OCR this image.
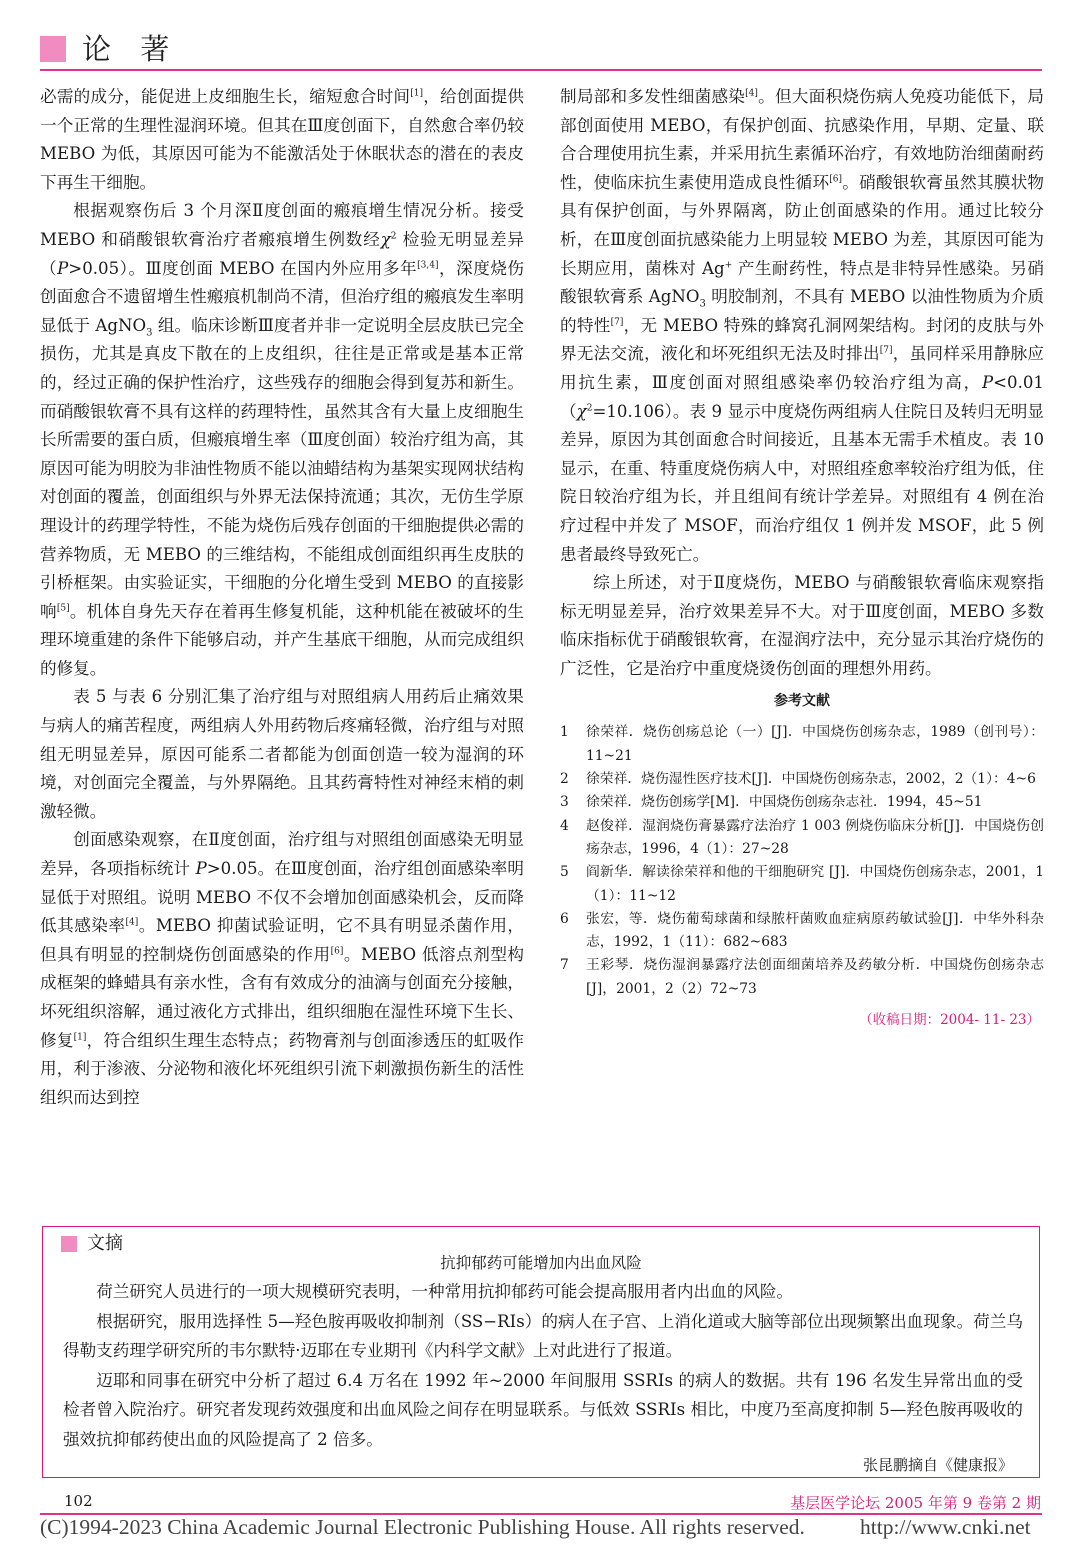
论 著

必需的成分，能促进上皮细胞生长，缩短愈合时间[1]，给创面提供一个正常的生理性湿润环境。但其在Ⅲ度创面下，自然愈合率仍较 MEBO 为低，其原因可能为不能激活处于休眠状态的潜在的表皮下再生干细胞。

根据观察伤后 3 个月深Ⅱ度创面的瘢痕增生情况分析。接受 MEBO 和硝酸银软膏治疗者瘢痕增生例数经$\chi^2$ 检验无明显差异（P>0.05）。Ⅲ度创面 MEBO 在国内外应用多年[3,4]，深度烧伤创面愈合不遗留增生性瘢痕机制尚不清，但治疗组的瘢痕发生率明显低于 AgNO$_3$ 组。临床诊断Ⅲ度者并非一定说明全层皮肤已完全损伤，尤其是真皮下散在的上皮组织，往往是正常或是基本正常的，经过正确的保护性治疗，这些残存的细胞会得到复苏和新生。而硝酸银软膏不具有这样的药理特性，虽然其含有大量上皮细胞生长所需要的蛋白质，但瘢痕增生率（Ⅲ度创面）较治疗组为高，其原因可能为明胶为非油性物质不能以油蜡结构为基架实现网状结构对创面的覆盖，创面组织与外界无法保持流通；其次，无仿生学原理设计的药理学特性，不能为烧伤后残存创面的干细胞提供必需的营养物质，无 MEBO 的三维结构，不能组成创面组织再生皮肤的引桥框架。由实验证实，干细胞的分化增生受到 MEBO 的直接影响[5]。机体自身先天存在着再生修复机能，这种机能在被破坏的生理环境重建的条件下能够启动，并产生基底干细胞，从而完成组织的修复。

表 5 与表 6 分别汇集了治疗组与对照组病人用药后止痛效果与病人的痛苦程度，两组病人外用药物后疼痛轻微，治疗组与对照组无明显差异，原因可能系二者都能为创面创造一较为湿润的环境，对创面完全覆盖，与外界隔绝。且其药膏特性对神经末梢的刺激轻微。

创面感染观察，在Ⅱ度创面，治疗组与对照组创面感染无明显差异，各项指标统计 P>0.05。在Ⅲ度创面，治疗组创面感染率明显低于对照组。说明 MEBO 不仅不会增加创面感染机会，反而降低其感染率[4]。MEBO 抑菌试验证明，它不具有明显杀菌作用，但具有明显的控制烧伤创面感染的作用[6]。MEBO 低溶点剂型构成框架的蜂蜡具有亲水性，含有有效成分的油滴与创面充分接触，坏死组织溶解，通过液化方式排出，组织细胞在湿性环境下生长、修复[1]，符合组织生理生态特点；药物膏剂与创面渗透压的虹吸作用，利于渗液、分泌物和液化坏死组织引流下刺激损伤新生的活性组织而达到控

制局部和多发性细菌感染[4]。但大面积烧伤病人免疫功能低下，局部创面使用 MEBO，有保护创面、抗感染作用，早期、定量、联合合理使用抗生素，并采用抗生素循环治疗，有效地防治细菌耐药性，使临床抗生素使用造成良性循环[6]。硝酸银软膏虽然其膜状物具有保护创面，与外界隔离，防止创面感染的作用。通过比较分析，在Ⅲ度创面抗感染能力上明显较 MEBO 为差，其原因可能为长期应用，菌株对 Ag+ 产生耐药性，特点是非特异性感染。另硝酸银软膏系 AgNO$_3$ 明胶制剂，不具有 MEBO 以油性物质为介质的特性[7]，无 MEBO 特殊的蜂窝孔洞网架结构。封闭的皮肤与外界无法交流，液化和坏死组织无法及时排出[7]，虽同样采用静脉应用抗生素，Ⅲ度创面对照组感染率仍较治疗组为高，$P<0.01(\chi^2=10.106)$。表 9 显示中度烧伤两组病人住院日及转归无明显差异，原因为其创面愈合时间接近，且基本无需手术植皮。表 10 显示，在重、特重度烧伤病人中，对照组痊愈率较治疗组为低，住院日较治疗组为长，并且组间有统计学差异。对照组有 4 例在治疗过程中并发了 MSOF，而治疗组仅 1 例并发 MSOF，此 5 例患者最终导致死亡。

综上所述，对于Ⅱ度烧伤，MEBO 与硝酸银软膏临床观察指标无明显差异，治疗效果差异不大。对于Ⅲ度创面，MEBO 多数临床指标优于硝酸银软膏，在湿润疗法中，充分显示其治疗烧伤的广泛性，它是治疗中重度烧烫伤创面的理想外用药。

参考文献
1	徐荣祥．烧伤创疡总论（一）[J]．中国烧伤创疡杂志，1989（创刊号）：11~21
2	徐荣祥．烧伤湿性医疗技术[J]．中国烧伤创疡杂志，2002，2（1）：4~6
3	徐荣祥．烧伤创疡学[M]．中国烧伤创疡杂志社．1994，45~51
4	赵俊祥．湿润烧伤膏暴露疗法治疗 1 003 例烧伤临床分析[J]．中国烧伤创疡杂志，1996，4（1）：27~28
5	阎新华．解读徐荣祥和他的干细胞研究 [J]．中国烧伤创疡杂志，2001，1（1）：11~12
6	张宏，等．烧伤葡萄球菌和绿脓杆菌败血症病原药敏试验[J]．中华外科杂志，1992，1（11）：682~683
7	王彩琴．烧伤湿润暴露疗法创面细菌培养及药敏分析．中国烧伤创疡杂志[J]，2001，2（2）72~73
（收稿日期：2004- 11- 23）
文摘
抗抑郁药可能增加内出血风险

荷兰研究人员进行的一项大规模研究表明，一种常用抗抑郁药可能会提高服用者内出血的风险。

根据研究，服用选择性 5—羟色胺再吸收抑制剂（SS−RIs）的病人在子宫、上消化道或大脑等部位出现频繁出血现象。荷兰乌得勒支药理学研究所的韦尔默特·迈耶在专业期刊《内科学文献》上对此进行了报道。

迈耶和同事在研究中分析了超过 6.4 万名在 1992 年~2000 年间服用 SSRIs 的病人的数据。共有 196 名发生异常出血的受检者曾入院治疗。研究者发现药效强度和出血风险之间存在明显联系。与低效 SSRIs 相比，中度乃至高度抑制 5—羟色胺再吸收的强效抗抑郁药使出血的风险提高了 2 倍多。

张昆鹏摘自《健康报》
102	基层医学论坛 2005 年第 9 卷第 2 期
(C)1994-2023 China Academic Journal Electronic Publishing House. All rights reserved.	http://www.cnki.net
